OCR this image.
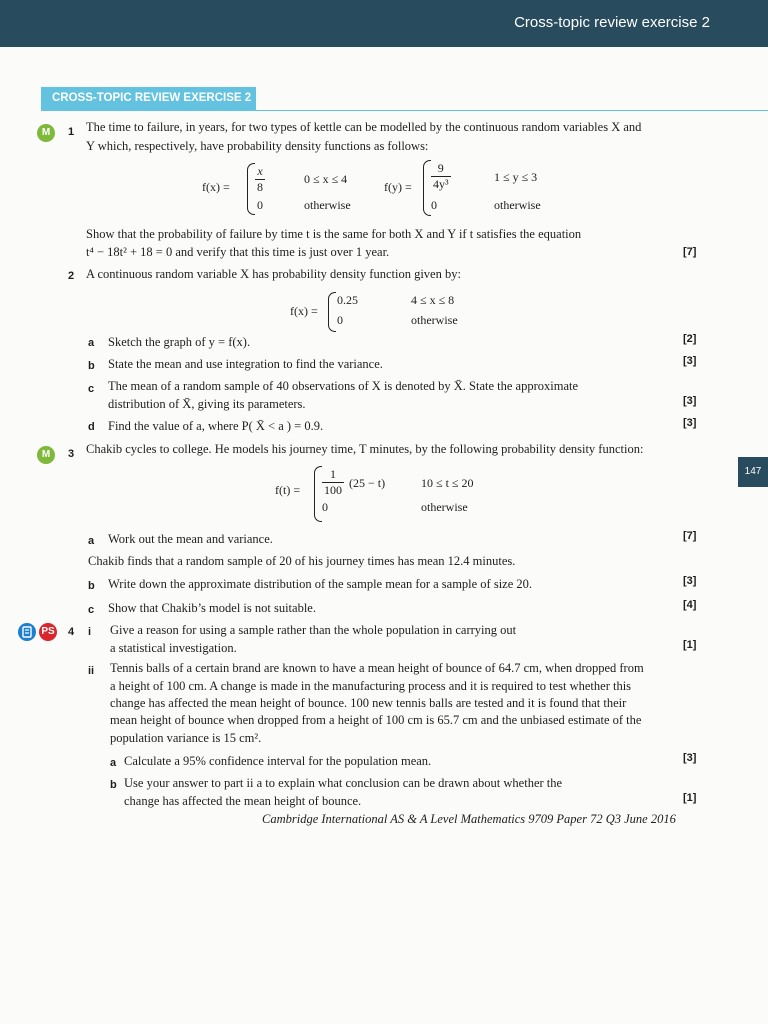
Cross-topic review exercise 2
CROSS-TOPIC REVIEW EXERCISE 2
147
M	1 The time to failure, in years, for two types of kettle can be modelled by the continuous random variables X and
Y which, respectively, have probability density functions as follows:
$f(x) = \frac{x}{8}$	0 ≤ x ≤ 4
0	otherwise
$f(y) = \frac{9}{\text{4y³}}$	1 ≤ y ≤ 3
0	otherwise
Show that the probability of failure by time t is the same for both X and Y if t satisfies the equation
t⁴ − 18t² + 18 = 0 and verify that this time is just over 1 year.	[7]
2 A continuous random variable X has probability density function given by:
f(x) =
0.25	4 ≤ x ≤ 8
0	otherwise
a Sketch the graph of y = f(x).	[2]
b State the mean and use integration to find the variance.	[3]
c The mean of a random sample of 40 observations of X is denoted by X̄. State the approximate
distribution of X̄, giving its parameters.	[3]
d Find the value of a, where P( X̄ < a ) = 0.9.	[3]
M	3 Chakib cycles to college. He models his journey time, T minutes, by the following probability density function:
$f(t) = \frac{1}{100} (25 - t)$	10 ≤ t ≤ 20
0	otherwise
a Work out the mean and variance.	[7]
Chakib finds that a random sample of 20 of his journey times has mean 12.4 minutes.
b Write down the approximate distribution of the sample mean for a sample of size 20.	[3]
c Show that Chakib’s model is not suitable.	[4]
PS 4 i Give a reason for using a sample rather than the whole population in carrying out
a statistical investigation.	[1]
ii Tennis balls of a certain brand are known to have a mean height of bounce of 64.7 cm, when dropped from
a height of 100 cm. A change is made in the manufacturing process and it is required to test whether this
change has affected the mean height of bounce. 100 new tennis balls are tested and it is found that their
mean height of bounce when dropped from a height of 100 cm is 65.7 cm and the unbiased estimate of the
population variance is 15 cm².
a Calculate a 95% confidence interval for the population mean.	[3]
b Use your answer to part ii a to explain what conclusion can be drawn about whether the
change has affected the mean height of bounce.	[1]
Cambridge International AS & A Level Mathematics 9709 Paper 72 Q3 June 2016
